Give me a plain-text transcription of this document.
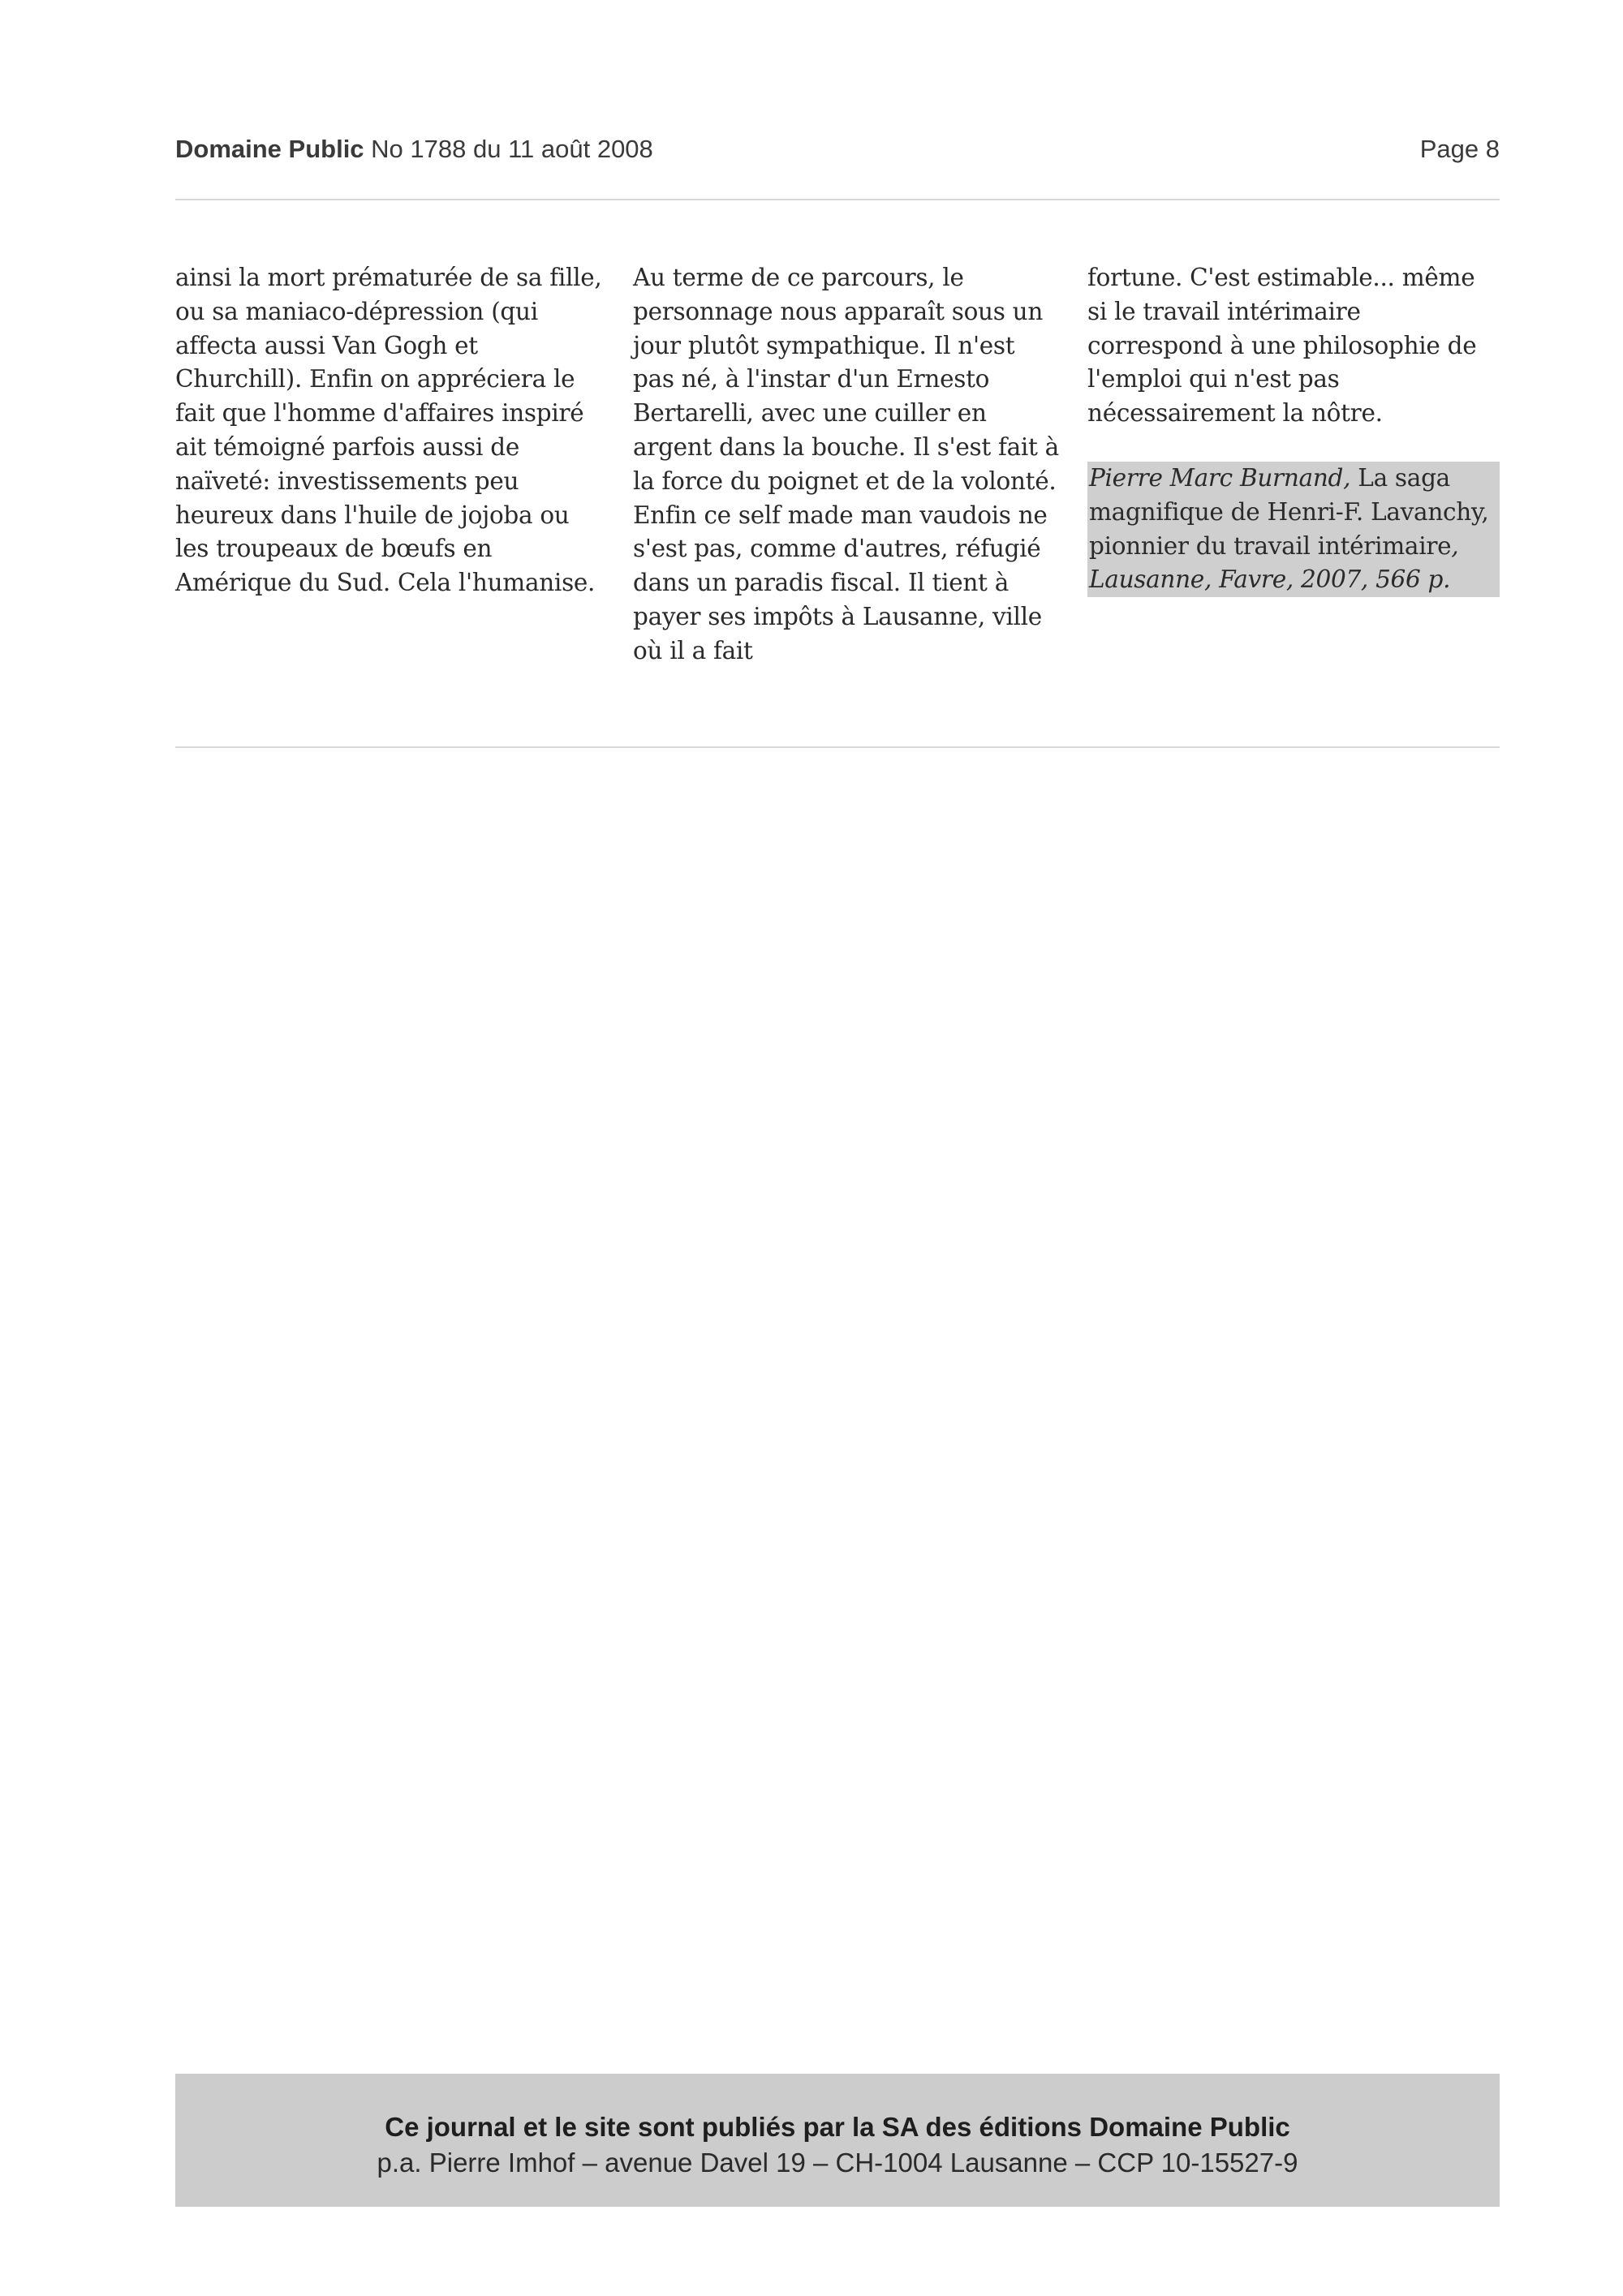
Domaine Public No 1788 du 11 août 2008	Page 8

ainsi la mort prématurée de sa fille, ou sa maniaco-dépression (qui affecta aussi Van Gogh et Churchill). Enfin on appréciera le fait que l'homme d'affaires inspiré ait témoigné parfois aussi de naïveté: investissements peu heureux dans l'huile de jojoba ou les troupeaux de bœufs en Amérique du Sud. Cela l'humanise.

Au terme de ce parcours, le personnage nous apparaît sous un jour plutôt sympathique. Il n'est pas né, à l'instar d'un Ernesto Bertarelli, avec une cuiller en argent dans la bouche. Il s'est fait à la force du poignet et de la volonté. Enfin ce self made man vaudois ne s'est pas, comme d'autres, réfugié dans un paradis fiscal. Il tient à payer ses impôts à Lausanne, ville où il a fait

fortune. C'est estimable... même si le travail intérimaire correspond à une philosophie de l'emploi qui n'est pas nécessairement la nôtre.

Pierre Marc Burnand, La saga magnifique de Henri-F. Lavanchy, pionnier du travail intérimaire, Lausanne, Favre, 2007, 566 p.
Ce journal et le site sont publiés par la SA des éditions Domaine Public
p.a. Pierre Imhof – avenue Davel 19 – CH-1004 Lausanne – CCP 10-15527-9
